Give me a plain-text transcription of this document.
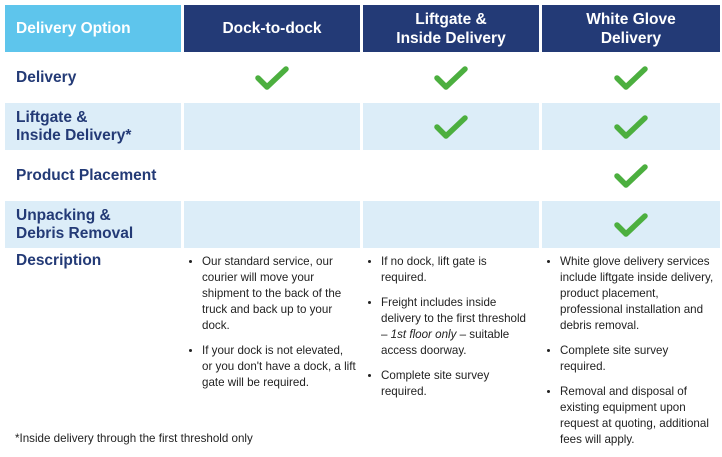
Delivery Option	Dock-to-dock
Liftgate &
Inside Delivery
White Glove
Delivery
Delivery
Liftgate &
Inside Delivery*
Product Placement
Unpacking &
Debris Removal
Description
•	Our standard service, our courier will move your shipment to the back of the truck and back up to your dock.
• If your dock is not elevated, or you don't have a dock, a lift gate will be required.
• If no dock, lift gate is required.
• Freight includes inside delivery to the first threshold – 1st floor only – suitable access doorway.
• Complete site survey required.
• White glove delivery services include liftgate inside delivery, product placement, professional installation and debris removal.
• Complete site survey required.
• Removal and disposal of existing equipment upon request at quoting, additional fees will apply.
*Inside delivery through the first threshold only
